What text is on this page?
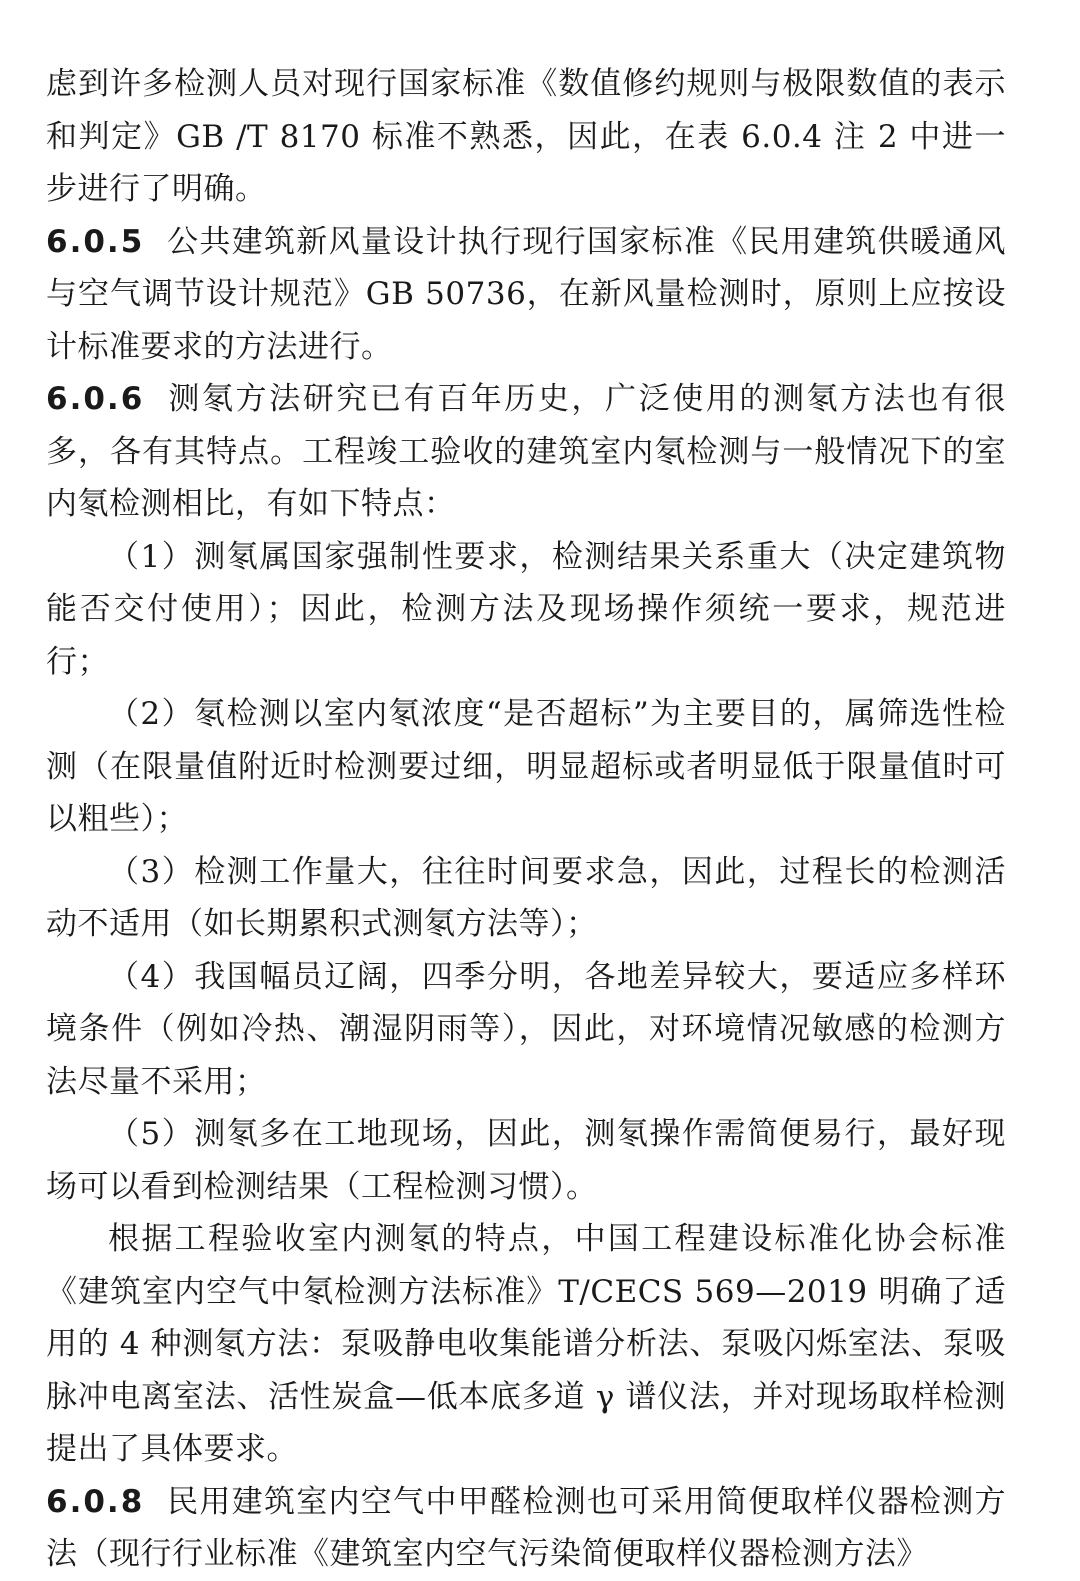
虑到许多检测人员对现行国家标准《数值修约规则与极限数值的表示和判定》GB /T 8170 标准不熟悉，因此，在表 6.0.4 注 2 中进一步进行了明确。

6.0.5 公共建筑新风量设计执行现行国家标准《民用建筑供暖通风与空气调节设计规范》GB 50736，在新风量检测时，原则上应按设计标准要求的方法进行。

6.0.6 测氡方法研究已有百年历史，广泛使用的测氡方法也有很多，各有其特点。工程竣工验收的建筑室内氡检测与一般情况下的室内氡检测相比，有如下特点：

（1）测氡属国家强制性要求，检测结果关系重大（决定建筑物能否交付使用）；因此，检测方法及现场操作须统一要求，规范进行；

（2）氡检测以室内氡浓度“是否超标”为主要目的，属筛选性检测（在限量值附近时检测要过细，明显超标或者明显低于限量值时可以粗些）；

（3）检测工作量大，往往时间要求急，因此，过程长的检测活动不适用（如长期累积式测氡方法等）；

（4）我国幅员辽阔，四季分明，各地差异较大，要适应多样环境条件（例如冷热、潮湿阴雨等），因此，对环境情况敏感的检测方法尽量不采用；

（5）测氡多在工地现场，因此，测氡操作需简便易行，最好现场可以看到检测结果（工程检测习惯）。

根据工程验收室内测氡的特点，中国工程建设标准化协会标准《建筑室内空气中氡检测方法标准》T/CECS 569—2019 明确了适用的 4 种测氡方法：泵吸静电收集能谱分析法、泵吸闪烁室法、泵吸脉冲电离室法、活性炭盒—低本底多道 γ 谱仪法，并对现场取样检测提出了具体要求。

6.0.8 民用建筑室内空气中甲醛检测也可采用简便取样仪器检测方法（现行行业标准《建筑室内空气污染简便取样仪器检测方法》
